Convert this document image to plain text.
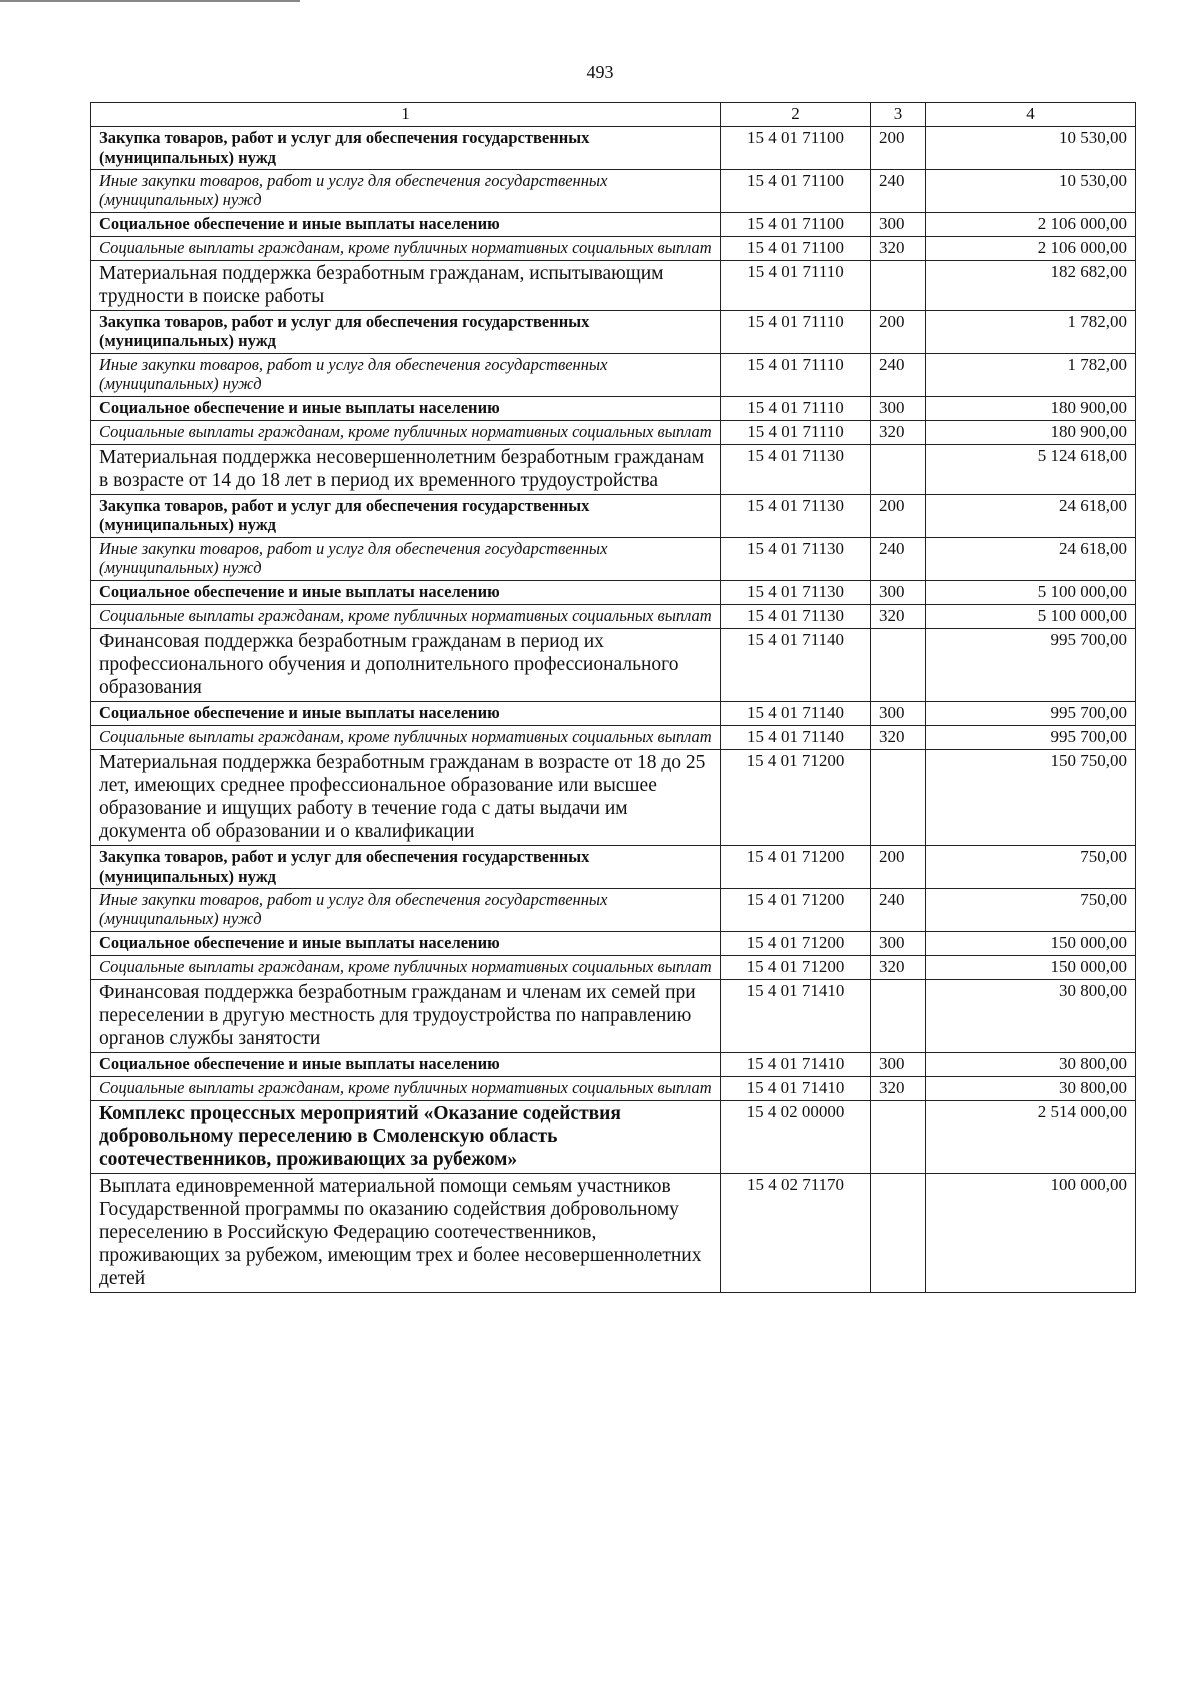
493
1	2	3	4
Закупка товаров, работ и услуг для обеспечения государственных (муниципальных) нужд	15 4 01 71100	200	10 530,00
Иные закупки товаров, работ и услуг для обеспечения государственных (муниципальных) нужд	15 4 01 71100	240	10 530,00
Социальное обеспечение и иные выплаты населению	15 4 01 71100	300	2 106 000,00
Социальные выплаты гражданам, кроме публичных нормативных социальных выплат	15 4 01 71100	320	2 106 000,00
Материальная поддержка безработным гражданам, испытывающим трудности в поиске работы	15 4 01 71110		182 682,00
Закупка товаров, работ и услуг для обеспечения государственных (муниципальных) нужд	15 4 01 71110	200	1 782,00
Иные закупки товаров, работ и услуг для обеспечения государственных (муниципальных) нужд	15 4 01 71110	240	1 782,00
Социальное обеспечение и иные выплаты населению	15 4 01 71110	300	180 900,00
Социальные выплаты гражданам, кроме публичных нормативных социальных выплат	15 4 01 71110	320	180 900,00
Материальная поддержка несовершеннолетним безработным гражданам в возрасте от 14 до 18 лет в период их временного трудоустройства	15 4 01 71130		5 124 618,00
Закупка товаров, работ и услуг для обеспечения государственных (муниципальных) нужд	15 4 01 71130	200	24 618,00
Иные закупки товаров, работ и услуг для обеспечения государственных (муниципальных) нужд	15 4 01 71130	240	24 618,00
Социальное обеспечение и иные выплаты населению	15 4 01 71130	300	5 100 000,00
Социальные выплаты гражданам, кроме публичных нормативных социальных выплат	15 4 01 71130	320	5 100 000,00
Финансовая поддержка безработным гражданам в период их профессионального обучения и дополнительного профессионального образования	15 4 01 71140		995 700,00
Социальное обеспечение и иные выплаты населению	15 4 01 71140	300	995 700,00
Социальные выплаты гражданам, кроме публичных нормативных социальных выплат	15 4 01 71140	320	995 700,00
Материальная поддержка безработным гражданам в возрасте от 18 до 25 лет, имеющих среднее профессиональное образование или высшее образование и ищущих работу в течение года с даты выдачи им документа об образовании и о квалификации	15 4 01 71200		150 750,00
Закупка товаров, работ и услуг для обеспечения государственных (муниципальных) нужд	15 4 01 71200	200	750,00
Иные закупки товаров, работ и услуг для обеспечения государственных (муниципальных) нужд	15 4 01 71200	240	750,00
Социальное обеспечение и иные выплаты населению	15 4 01 71200	300	150 000,00
Социальные выплаты гражданам, кроме публичных нормативных социальных выплат	15 4 01 71200	320	150 000,00
Финансовая поддержка безработным гражданам и членам их семей при переселении в другую местность для трудоустройства по направлению органов службы занятости	15 4 01 71410		30 800,00
Социальное обеспечение и иные выплаты населению	15 4 01 71410	300	30 800,00
Социальные выплаты гражданам, кроме публичных нормативных социальных выплат	15 4 01 71410	320	30 800,00
Комплекс процессных мероприятий «Оказание содействия добровольному переселению в Смоленскую область соотечественников, проживающих за рубежом»	15 4 02 00000		2 514 000,00
Выплата единовременной материальной помощи семьям участников Государственной программы по оказанию содействия добровольному переселению в Российскую Федерацию соотечественников, проживающих за рубежом, имеющим трех и более несовершеннолетних детей	15 4 02 71170		100 000,00
